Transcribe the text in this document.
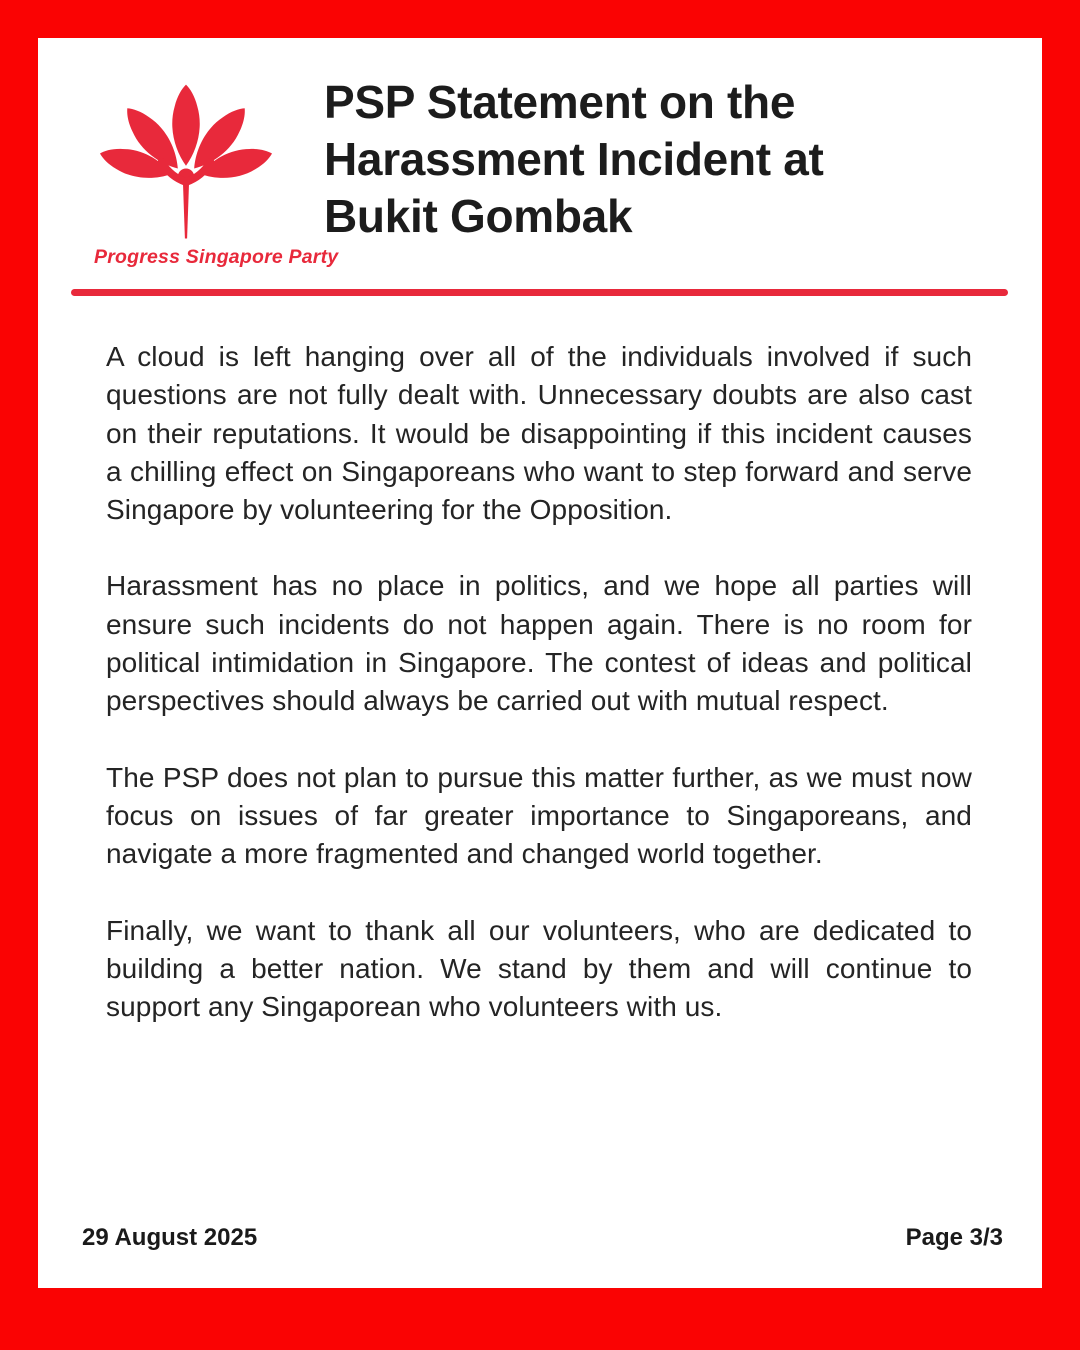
Progress Singapore Party
PSP Statement on the
Harassment Incident at
Bukit Gombak

A cloud is left hanging over all of the individuals involved if such questions are not fully dealt with. Unnecessary doubts are also cast on their reputations. It would be disappointing if this incident causes a chilling effect on Singaporeans who want to step forward and serve Singapore by volunteering for the Opposition.

Harassment has no place in politics, and we hope all parties will ensure such incidents do not happen again. There is no room for political intimidation in Singapore. The contest of ideas and political perspectives should always be carried out with mutual respect.

The PSP does not plan to pursue this matter further, as we must now focus on issues of far greater importance to Singaporeans, and navigate a more fragmented and changed world together.

Finally, we want to thank all our volunteers, who are dedicated to building a better nation. We stand by them and will continue to support any Singaporean who volunteers with us.

29 August 2025	Page 3/3
